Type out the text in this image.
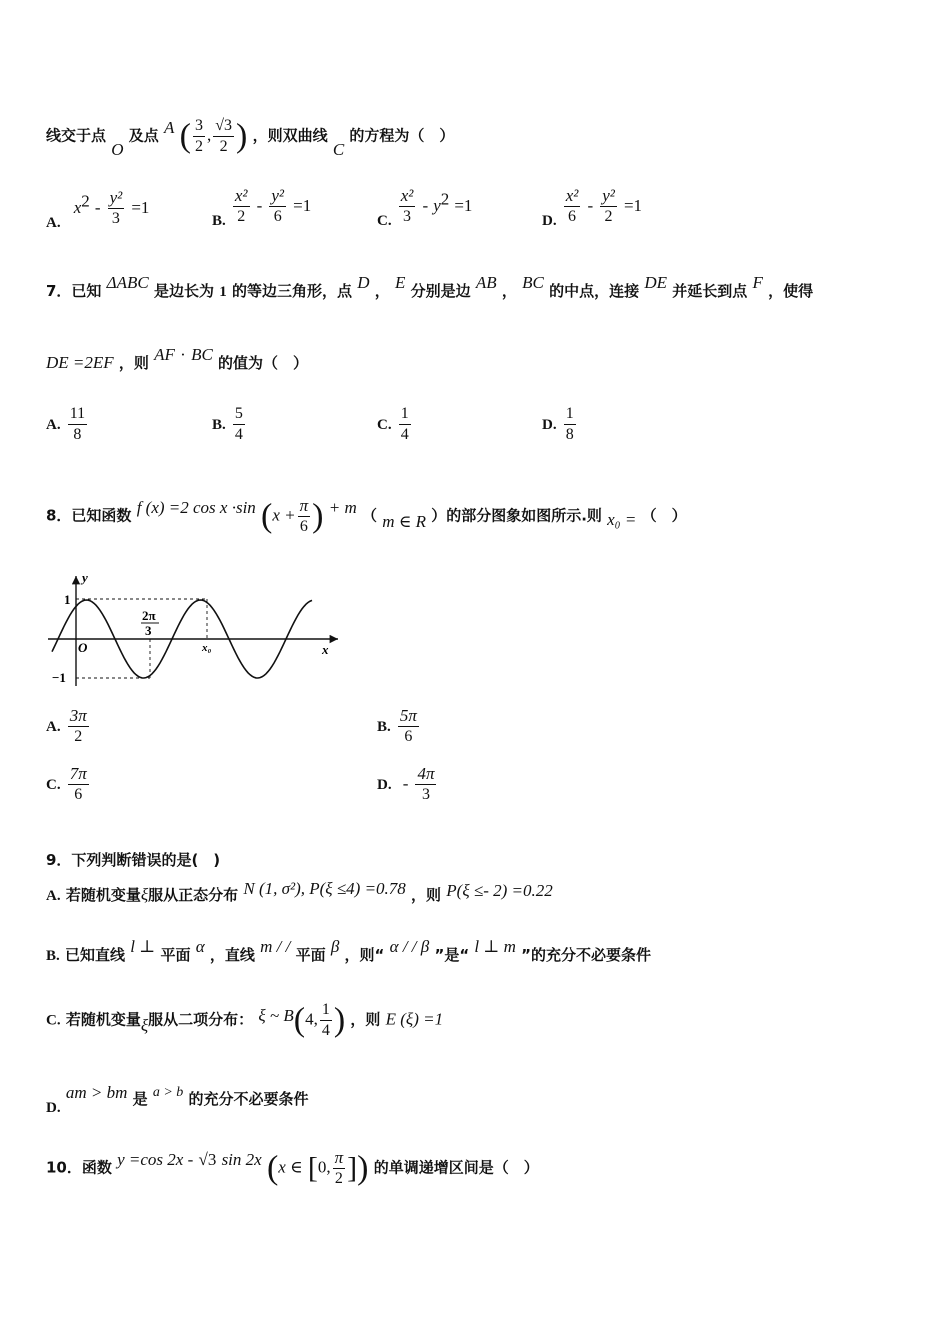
线交于点 O 及点 A ( $\frac{3}{2}$ , $\frac{√3}{2}$ ) ，则双曲线 C 的方程为（　）
A. $x^2 - \frac{\text{y²}}{3} =1$
B. $\frac{\text{x²}}{2} - \frac{\text{y²}}{6} =1$
C. $\frac{\text{x²}}{3} - y^2 =1$
D. $\frac{\text{x²}}{6} - \frac{\text{y²}}{2} =1$
7．已知 ΔABC 是边长为 1 的等边三角形，点 D ， E 分别是边 AB ， BC 的中点，连接 DE 并延长到点 F ，使得
DE =2EF ，则 AF · BC 的值为（　）
A. $\frac{11}{8}$	B. $\frac{5}{4}$	C. $\frac{1}{4}$	D. $\frac{1}{8}$
8．已知函数 f (x) =2 cos x ·sin ($x + \frac{\pi}{6}$ ) + m （ m ∈ R ）的部分图象如图所示.则 x₀ = （　）
y
x
O
1
−1
2π
3
x₀
A. $\frac{3\pi}{2}$	B. $\frac{5\pi}{6}$
C. $\frac{7\pi}{6}$	D. - $\frac{4\pi}{3}$
9．下列判断错误的是(　)
A. 若随机变量ξ服从正态分布 N (1, σ²), P(ξ ≤4) =0.78 ，则 P(ξ ≤- 2) =0.22
B. 已知直线 l ⊥ 平面 α ，直线 m / / 平面 β ，则“ α / / β ”是“ l ⊥ m ”的充分不必要条件
C. 若随机变量ξ服从二项分布： ξ ~ B(4, $\frac{1}{4}$ ) ，则 E (ξ) =1
D. am > bm 是 a > b 的充分不必要条件
10．函数 y =cos 2x - √3 sin 2x (x ∈ [0, $\frac{\pi}{2}$ ]) 的单调递增区间是（　）
